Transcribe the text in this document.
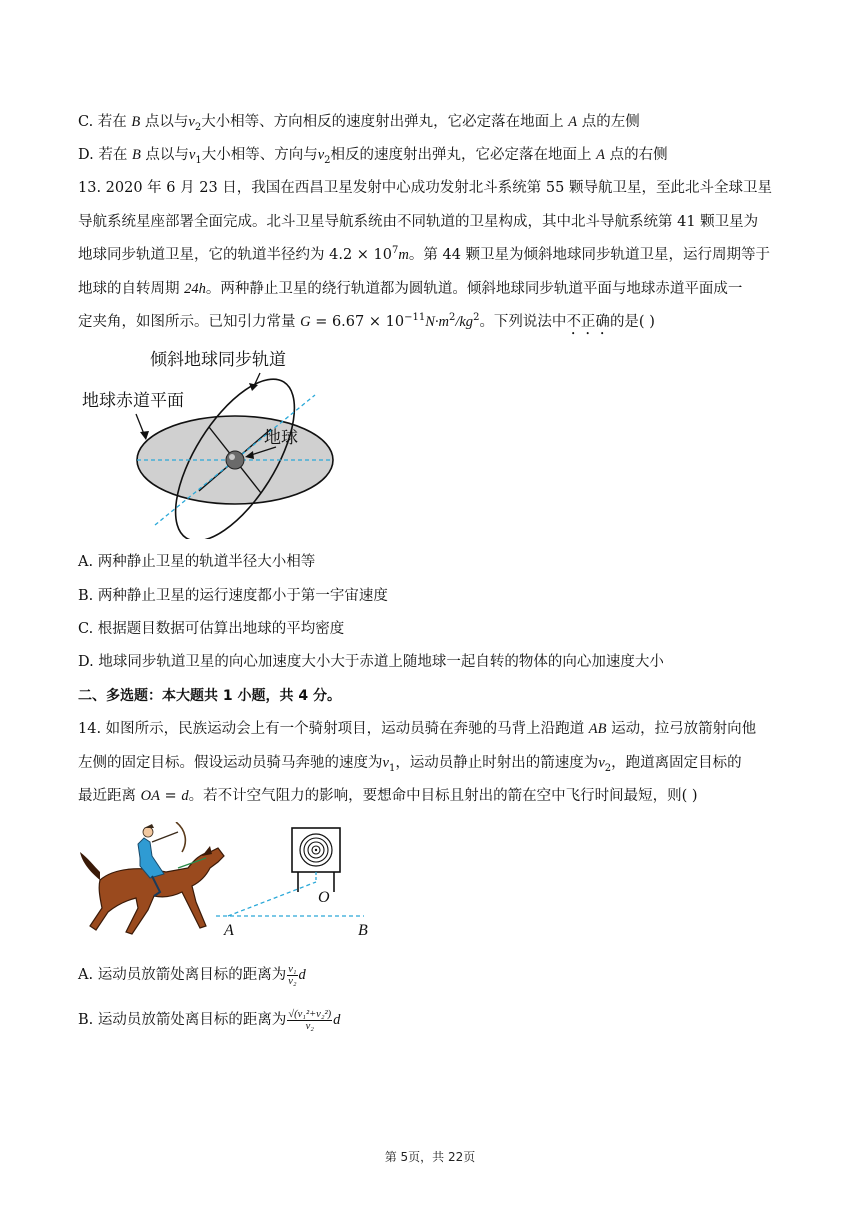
C. 若在 B 点以与$v_2$大小相等、方向相反的速度射出弹丸，它必定落在地面上 A 点的左侧
D. 若在 B 点以与$v_1$大小相等、方向与$v_2$相反的速度射出弹丸，它必定落在地面上 A 点的右侧
13. 2020 年 6 月 23 日，我国在西昌卫星发射中心成功发射北斗系统第 55 颗导航卫星，至此北斗全球卫星
导航系统星座部署全面完成。北斗卫星导航系统由不同轨道的卫星构成，其中北斗导航系统第 41 颗卫星为
地球同步轨道卫星，它的轨道半径约为 $4.2 \times 10^7m$。第 44 颗卫星为倾斜地球同步轨道卫星，运行周期等于
地球的自转周期 24h。两种静止卫星的绕行轨道都为圆轨道。倾斜地球同步轨道平面与地球赤道平面成一
定夹角，如图所示。已知引力常量 $G = 6.67 \times 10^{-11}N\cdot m^2/kg^2$。下列说法中不正确的是( )
倾斜地球同步轨道
地球赤道平面
地球
A. 两种静止卫星的轨道半径大小相等
B. 两种静止卫星的运行速度都小于第一宇宙速度
C. 根据题目数据可估算出地球的平均密度
D. 地球同步轨道卫星的向心加速度大小大于赤道上随地球一起自转的物体的向心加速度大小
二、多选题：本大题共 1 小题，共 4 分。
14. 如图所示，民族运动会上有一个骑射项目，运动员骑在奔驰的马背上沿跑道 AB 运动，拉弓放箭射向他
左侧的固定目标。假设运动员骑马奔驰的速度为$v_1$，运动员静止时射出的箭速度为$v_2$，跑道离固定目标的
最近距离 OA = d。若不计空气阻力的影响，要想命中目标且射出的箭在空中飞行时间最短，则( )
O
A	B
A. 运动员放箭处离目标的距离为 $\frac{\text{v₁}}{\text{v₂}}$ d
B. 运动员放箭处离目标的距离为 $\frac{\text{√(v₁²+v₂²)}}{\text{v₂}}$ d
第 5页，共 22页
